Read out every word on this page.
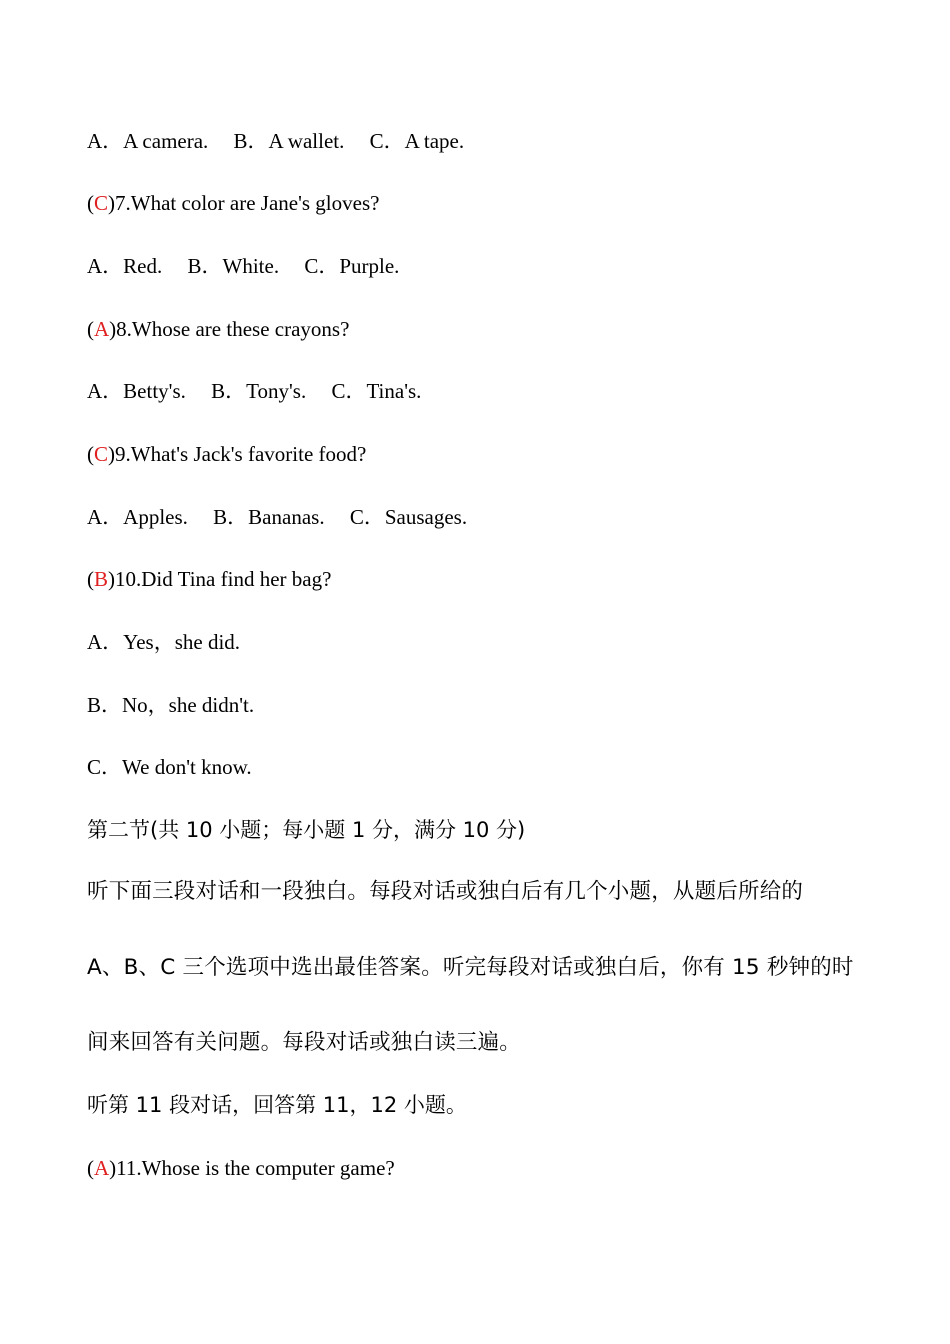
A．A camera. B．A wallet. C．A tape.
(C)7.What color are Jane's gloves?
A．Red. B．White. C．Purple.
(A)8.Whose are these crayons?
A．Betty's. B．Tony's. C．Tina's.
(C)9.What's Jack's favorite food?
A．Apples. B．Bananas. C．Sausages.
(B)10.Did Tina find her bag?
A．Yes，she did.
B．No，she didn't.
C．We don't know.
第二节(共 10 小题；每小题 1 分，满分 10 分)
听下面三段对话和一段独白。每段对话或独白后有几个小题，从题后所给的
A、B、C 三个选项中选出最佳答案。听完每段对话或独白后，你有 15 秒钟的时
间来回答有关问题。每段对话或独白读三遍。
听第 11 段对话，回答第 11，12 小题。
(A)11.Whose is the computer game?
